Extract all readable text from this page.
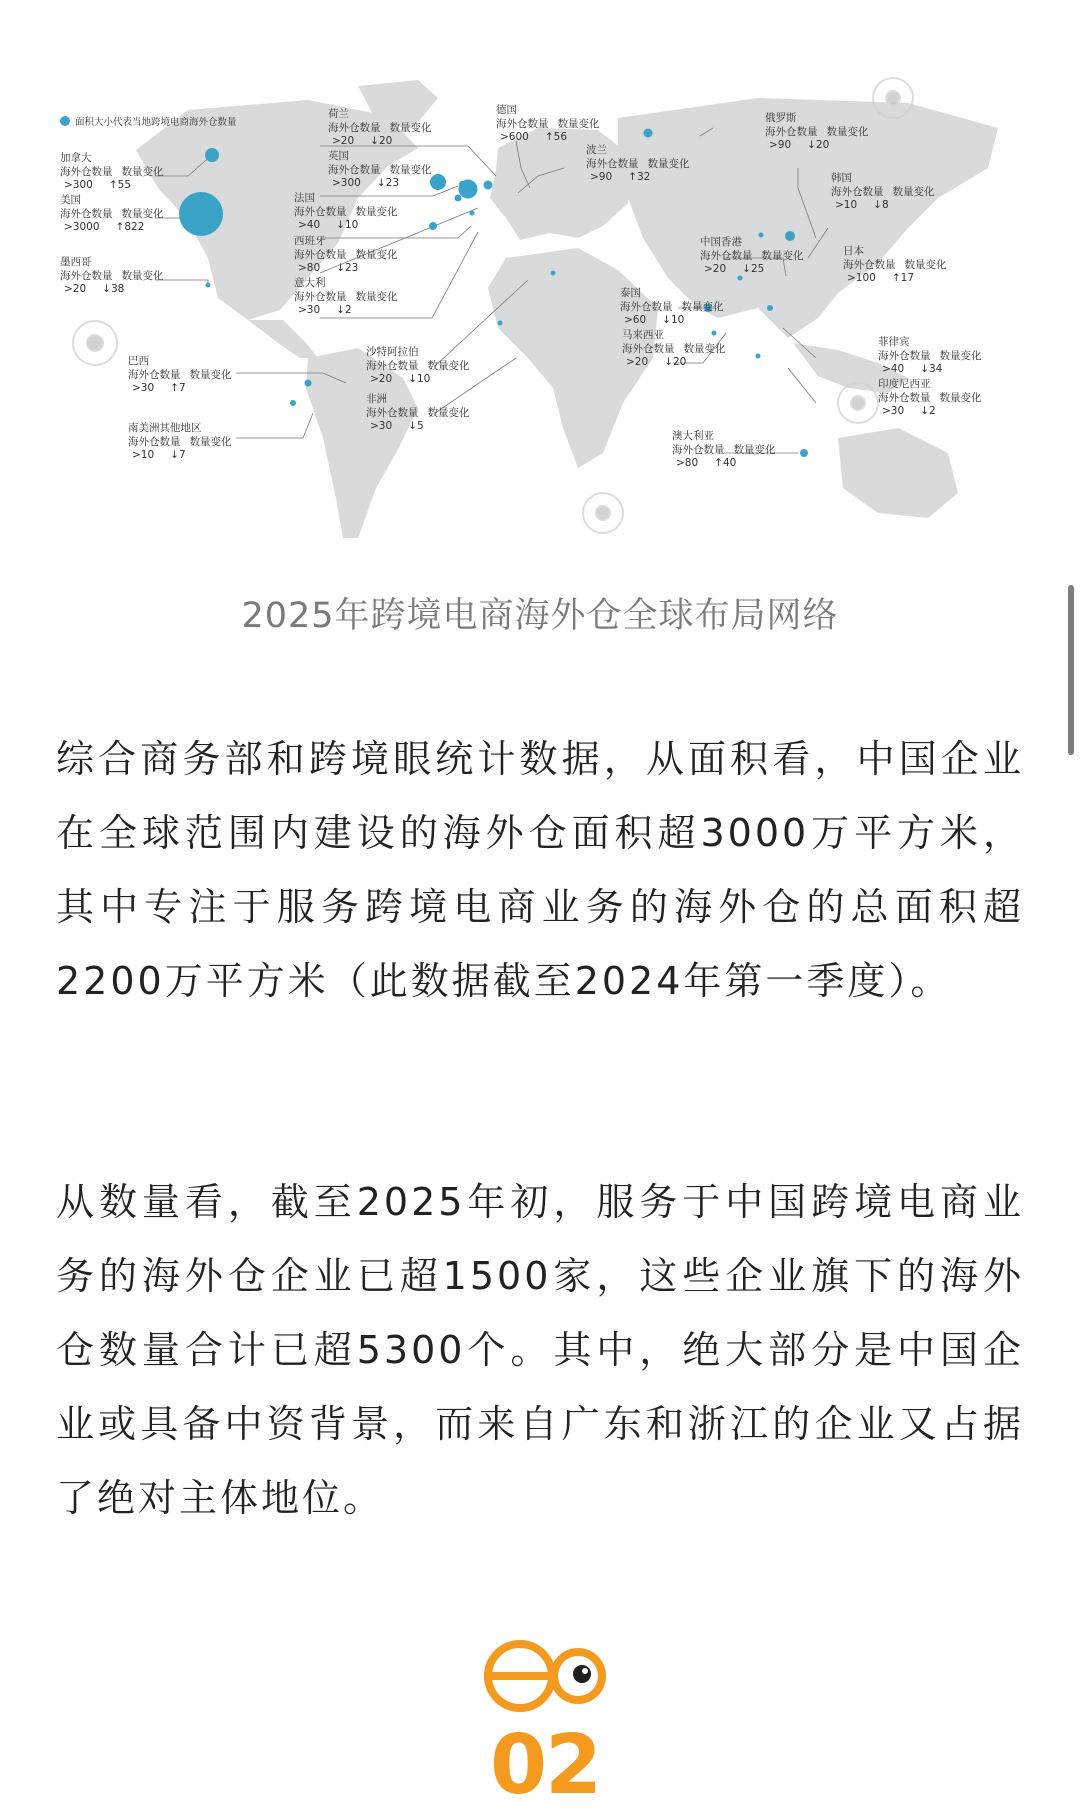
面积大小代表当地跨境电商海外仓数量
加拿大
海外仓数量 数量变化
>300 ↑55
美国
海外仓数量 数量变化
>3000 ↑822
墨西哥
海外仓数量 数量变化
>20 ↓38
荷兰
海外仓数量 数量变化
>20 ↓20
英国
海外仓数量 数量变化
>300 ↓23
法国
海外仓数量 数量变化
>40 ↓10
西班牙
海外仓数量 数量变化
>80 ↓23
意大利
海外仓数量 数量变化
>30 ↓2
德国
海外仓数量 数量变化
>600 ↑56
波兰
海外仓数量 数量变化
>90 ↑32
俄罗斯
海外仓数量 数量变化
>90 ↓20
韩国
海外仓数量 数量变化
>10 ↓8
中国香港
海外仓数量 数量变化
>20 ↓25
日本
海外仓数量 数量变化
>100 ↑17
泰国
海外仓数量 数量变化
>60 ↓10
马来西亚
海外仓数量 数量变化
>20 ↓20
菲律宾
海外仓数量 数量变化
>40 ↓34
印度尼西亚
海外仓数量 数量变化
>30 ↓2
澳大利亚
海外仓数量 数量变化
>80 ↑40
巴西
海外仓数量 数量变化
>30 ↑7
沙特阿拉伯
海外仓数量 数量变化
>20 ↓10
非洲
海外仓数量 数量变化
>30 ↓5
南美洲其他地区
海外仓数量 数量变化
>10 ↓7
2025年跨境电商海外仓全球布局网络

综合商务部和跨境眼统计数据，从面积看，中国企业在全球范围内建设的海外仓面积超3000万平方米，其中专注于服务跨境电商业务的海外仓的总面积超2200万平方米（此数据截至2024年第一季度）。

从数量看，截至2025年初，服务于中国跨境电商业务的海外仓企业已超1500家，这些企业旗下的海外仓数量合计已超5300个。其中，绝大部分是中国企业或具备中资背景，而来自广东和浙江的企业又占据了绝对主体地位。

02
